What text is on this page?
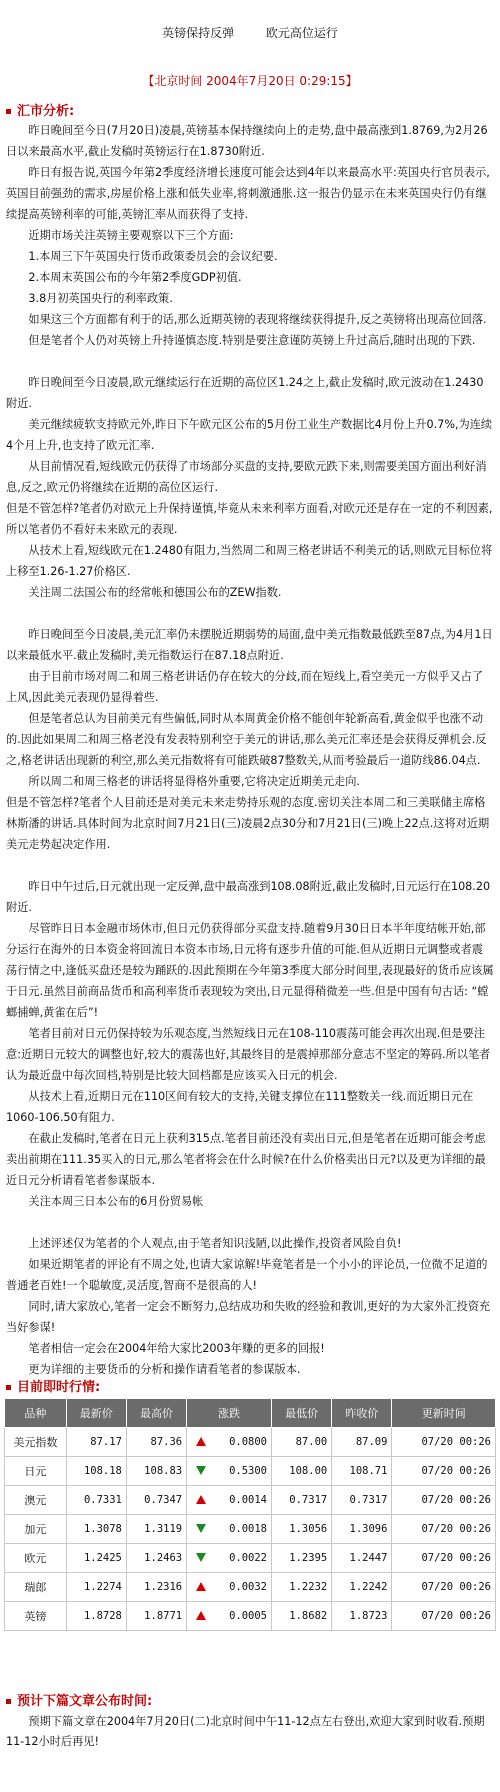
英镑保持反弹	欧元高位运行
【北京时间 2004年7月20日 0:29:15】
汇市分析:

昨日晚间至今日(7月20日)凌晨,英镑基本保持继续向上的走势,盘中最高涨到1.8769,为2月26日以来最高水平,截止发稿时英镑运行在1.8730附近.

昨日有报告说,英国今年第2季度经济增长速度可能会达到4年以来最高水平:英国央行官员表示,英国目前强劲的需求,房屋价格上涨和低失业率,将刺激通胀.这一报告仍显示在未来英国央行仍有继续提高英镑利率的可能,英镑汇率从而获得了支持.

近期市场关注英镑主要观察以下三个方面:

1.本周三下午英国央行货币政策委员会的会议纪要.

2.本周末英国公布的今年第2季度GDP初值.

3.8月初英国央行的利率政策.

如果这三个方面都有利于的话,那么近期英镑的表现将继续获得提升,反之英镑将出现高位回落.

但是笔者个人仍对英镑上升持谨慎态度.特别是要注意谨防英镑上升过高后,随时出现的下跌.

昨日晚间至今日凌晨,欧元继续运行在近期的高位区1.24之上,截止发稿时,欧元波动在1.2430附近.

美元继续疲软支持欧元外,昨日下午欧元区公布的5月份工业生产数据比4月份上升0.7%,为连续4个月上升,也支持了欧元汇率.

从目前情况看,短线欧元仍获得了市场部分买盘的支持,要欧元跌下来,则需要美国方面出利好消息,反之,欧元仍将继续在近期的高位区运行.

但是不管怎样?笔者仍对欧元上升保持谨慎,毕竟从未来利率方面看,对欧元还是存在一定的不利因素,所以笔者仍不看好未来欧元的表现.

从技术上看,短线欧元在1.2480有阻力,当然周二和周三格老讲话不利美元的话,则欧元目标位将上移至1.26-1.27价格区.

关注周二法国公布的经常帐和德国公布的ZEW指数.

昨日晚间至今日凌晨,美元汇率仍未摆脱近期弱势的局面,盘中美元指数最低跌至87点,为4月1日以来最低水平.截止发稿时,美元指数运行在87.18点附近.

由于目前市场对周二和周三格老讲话仍存在较大的分歧,而在短线上,看空美元一方似乎又占了上风,因此美元表现仍显得着些.

但是笔者总认为目前美元有些偏低,同时从本周黄金价格不能创年轮新高看,黄金似乎也涨不动的.因此如果周二和周三格老没有发表特别利空于美元的讲话,那么美元汇率还是会获得反弹机会.反之,格老讲话出现新的利空,那么美元指数将有可能跌破87整数关,从而考验最后一道防线86.04点.

所以周二和周三格老的讲话将显得格外重要,它将决定近期美元走向.

但是不管怎样?笔者个人目前还是对美元未来走势持乐观的态度.密切关注本周二和三美联储主席格林斯潘的讲话.具体时间为北京时间7月21日(三)凌晨2点30分和7月21日(三)晚上22点.这将对近期美元走势起决定作用.

昨日中午过后,日元就出现一定反弹,盘中最高涨到108.08附近,截止发稿时,日元运行在108.20附近.

尽管昨日日本金融市场休市,但日元仍获得部分买盘支持.随着9月30日日本半年度结帐开始,部分运行在海外的日本资金将回流日本资本市场,日元将有逐步升值的可能.但从近期日元调整或者震荡行情之中,逢低买盘还是较为踊跃的.因此预期在今年第3季度大部分时间里,表现最好的货币应该属于日元.虽然目前商品货币和高利率货币表现较为突出,日元显得稍微差一些.但是中国有句古话: “螳螂捕蝉,黄雀在后”!

笔者目前对日元仍保持较为乐观态度,当然短线日元在108-110震荡可能会再次出现.但是要注意:近期日元较大的调整也好,较大的震荡也好,其最终目的是震掉那部分意志不坚定的筹码.所以笔者认为最近盘中每次回档,特别是比较大回档都是应该买入日元的机会.

从技术上看,近期日元在110区间有较大的支持,关键支撑位在111整数关一线.而近期日元在1060-106.50有阻力.

在截止发稿时,笔者在日元上获利315点.笔者目前还没有卖出日元,但是笔者在近期可能会考虑卖出前期在111.35买入的日元,那么笔者将会在什么时候?在什么价格卖出日元?以及更为详细的最近日元分析请看笔者参谋版本.

关注本周三日本公布的6月份贸易帐

上述评述仅为笔者的个人观点,由于笔者知识浅陋,以此操作,投资者风险自负!

如果近期笔者的评论有不周之处,也请大家谅解!毕竟笔者是一个小小的评论员,一位微不足道的普通老百姓!一个聪敏度,灵活度,智商不是很高的人!

同时,请大家放心,笔者一定会不断努力,总结成功和失败的经验和教训,更好的为大家外汇投资充当好参谋!

笔者相信一定会在2004年给大家比2003年赚的更多的回报!

更为详细的主要货币的分析和操作请看笔者的参谋版本.

目前即时行情:
品种	最新价	最高价	涨跌	最低价	昨收价	更新时间
美元指数	87.17	87.36	0.0800	87.00	87.09	07/20 00:26
日元	108.18	108.83	0.5300	108.00	108.71	07/20 00:26
澳元	0.7331	0.7347	0.0014	0.7317	0.7317	07/20 00:26
加元	1.3078	1.3119	0.0018	1.3056	1.3096	07/20 00:26
欧元	1.2425	1.2463	0.0022	1.2395	1.2447	07/20 00:26
瑞郎	1.2274	1.2316	0.0032	1.2232	1.2242	07/20 00:26
英镑	1.8728	1.8771	0.0005	1.8682	1.8723	07/20 00:26
预计下篇文章公布时间:

预期下篇文章在2004年7月20日(二)北京时间中午11-12点左右登出,欢迎大家到时收看.预期11-12小时后再见!
